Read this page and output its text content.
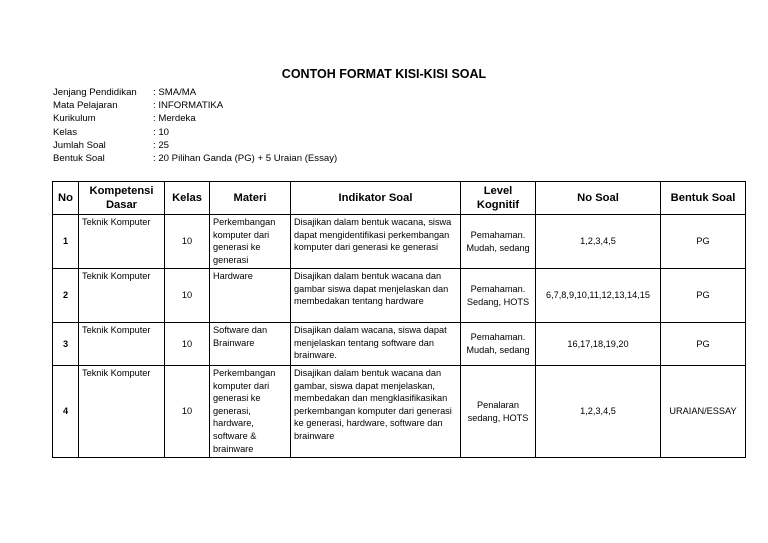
CONTOH FORMAT KISI-KISI SOAL
Jenjang Pendidikan	: SMA/MA
Mata Pelajaran	: INFORMATIKA
Kurikulum	: Merdeka
Kelas	: 10
Jumlah Soal	: 25
Bentuk Soal	: 20 Pilihan Ganda (PG) + 5 Uraian (Essay)
No	Kompetensi Dasar	Kelas	Materi	Indikator Soal	Level Kognitif	No Soal	Bentuk Soal
1	Teknik Komputer	10	Perkembangan komputer dari generasi ke generasi	Disajikan dalam bentuk wacana, siswa dapat mengidentifikasi perkembangan komputer dari generasi ke generasi	Pemahaman. Mudah, sedang	1,2,3,4,5	PG
2	Teknik Komputer	10	Hardware	Disajikan dalam bentuk wacana dan gambar siswa dapat menjelaskan dan membedakan tentang hardware	Pemahaman. Sedang, HOTS	6,7,8,9,10,11,12,13,14,15	PG
3	Teknik Komputer	10	Software dan Brainware	Disajikan dalam wacana, siswa dapat menjelaskan tentang software dan brainware.	Pemahaman. Mudah, sedang	16,17,18,19,20	PG
4	Teknik Komputer	10	Perkembangan komputer dari generasi ke generasi, hardware, software & brainware	Disajikan dalam bentuk wacana dan gambar, siswa dapat menjelaskan, membedakan dan mengklasifikasikan perkembangan komputer dari generasi ke generasi, hardware, software dan brainware	Penalaran sedang, HOTS	1,2,3,4,5	URAIAN/ESSAY
